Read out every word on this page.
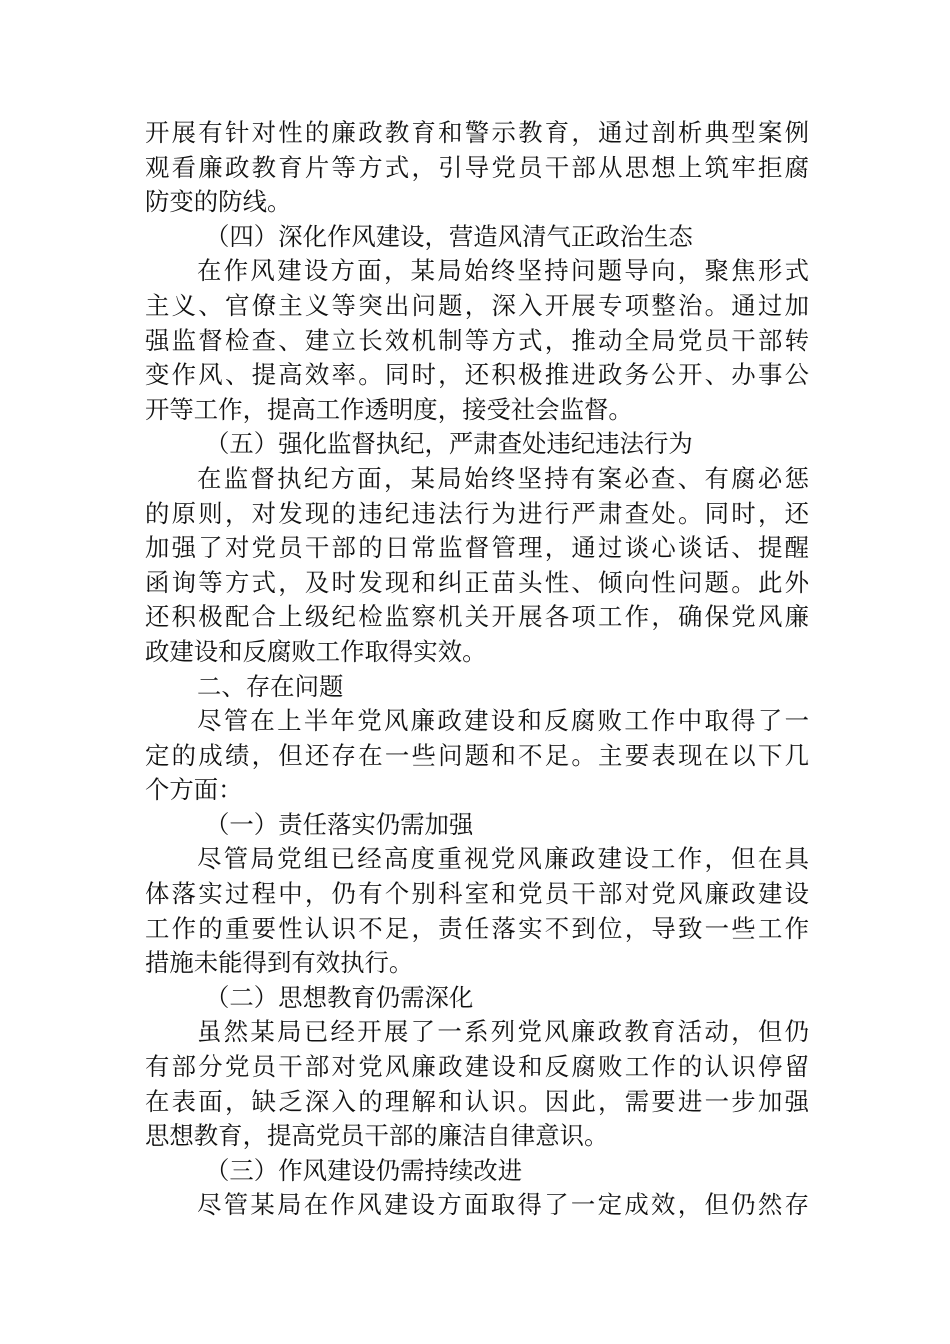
开展有针对性的廉政教育和警示教育，通过剖析典型案例
观看廉政教育片等方式，引导党员干部从思想上筑牢拒腐
防变的防线。
（四）深化作风建设，营造风清气正政治生态
在作风建设方面，某局始终坚持问题导向，聚焦形式
主义、官僚主义等突出问题，深入开展专项整治。通过加
强监督检查、建立长效机制等方式，推动全局党员干部转
变作风、提高效率。同时，还积极推进政务公开、办事公
开等工作，提高工作透明度，接受社会监督。
（五）强化监督执纪，严肃查处违纪违法行为
在监督执纪方面，某局始终坚持有案必查、有腐必惩
的原则，对发现的违纪违法行为进行严肃查处。同时，还
加强了对党员干部的日常监督管理，通过谈心谈话、提醒
函询等方式，及时发现和纠正苗头性、倾向性问题。此外
还积极配合上级纪检监察机关开展各项工作，确保党风廉
政建设和反腐败工作取得实效。
二、存在问题
尽管在上半年党风廉政建设和反腐败工作中取得了一
定的成绩，但还存在一些问题和不足。主要表现在以下几
个方面：
（一）责任落实仍需加强
尽管局党组已经高度重视党风廉政建设工作，但在具
体落实过程中，仍有个别科室和党员干部对党风廉政建设
工作的重要性认识不足，责任落实不到位，导致一些工作
措施未能得到有效执行。
（二）思想教育仍需深化
虽然某局已经开展了一系列党风廉政教育活动，但仍
有部分党员干部对党风廉政建设和反腐败工作的认识停留
在表面，缺乏深入的理解和认识。因此，需要进一步加强
思想教育，提高党员干部的廉洁自律意识。
（三）作风建设仍需持续改进
尽管某局在作风建设方面取得了一定成效，但仍然存
